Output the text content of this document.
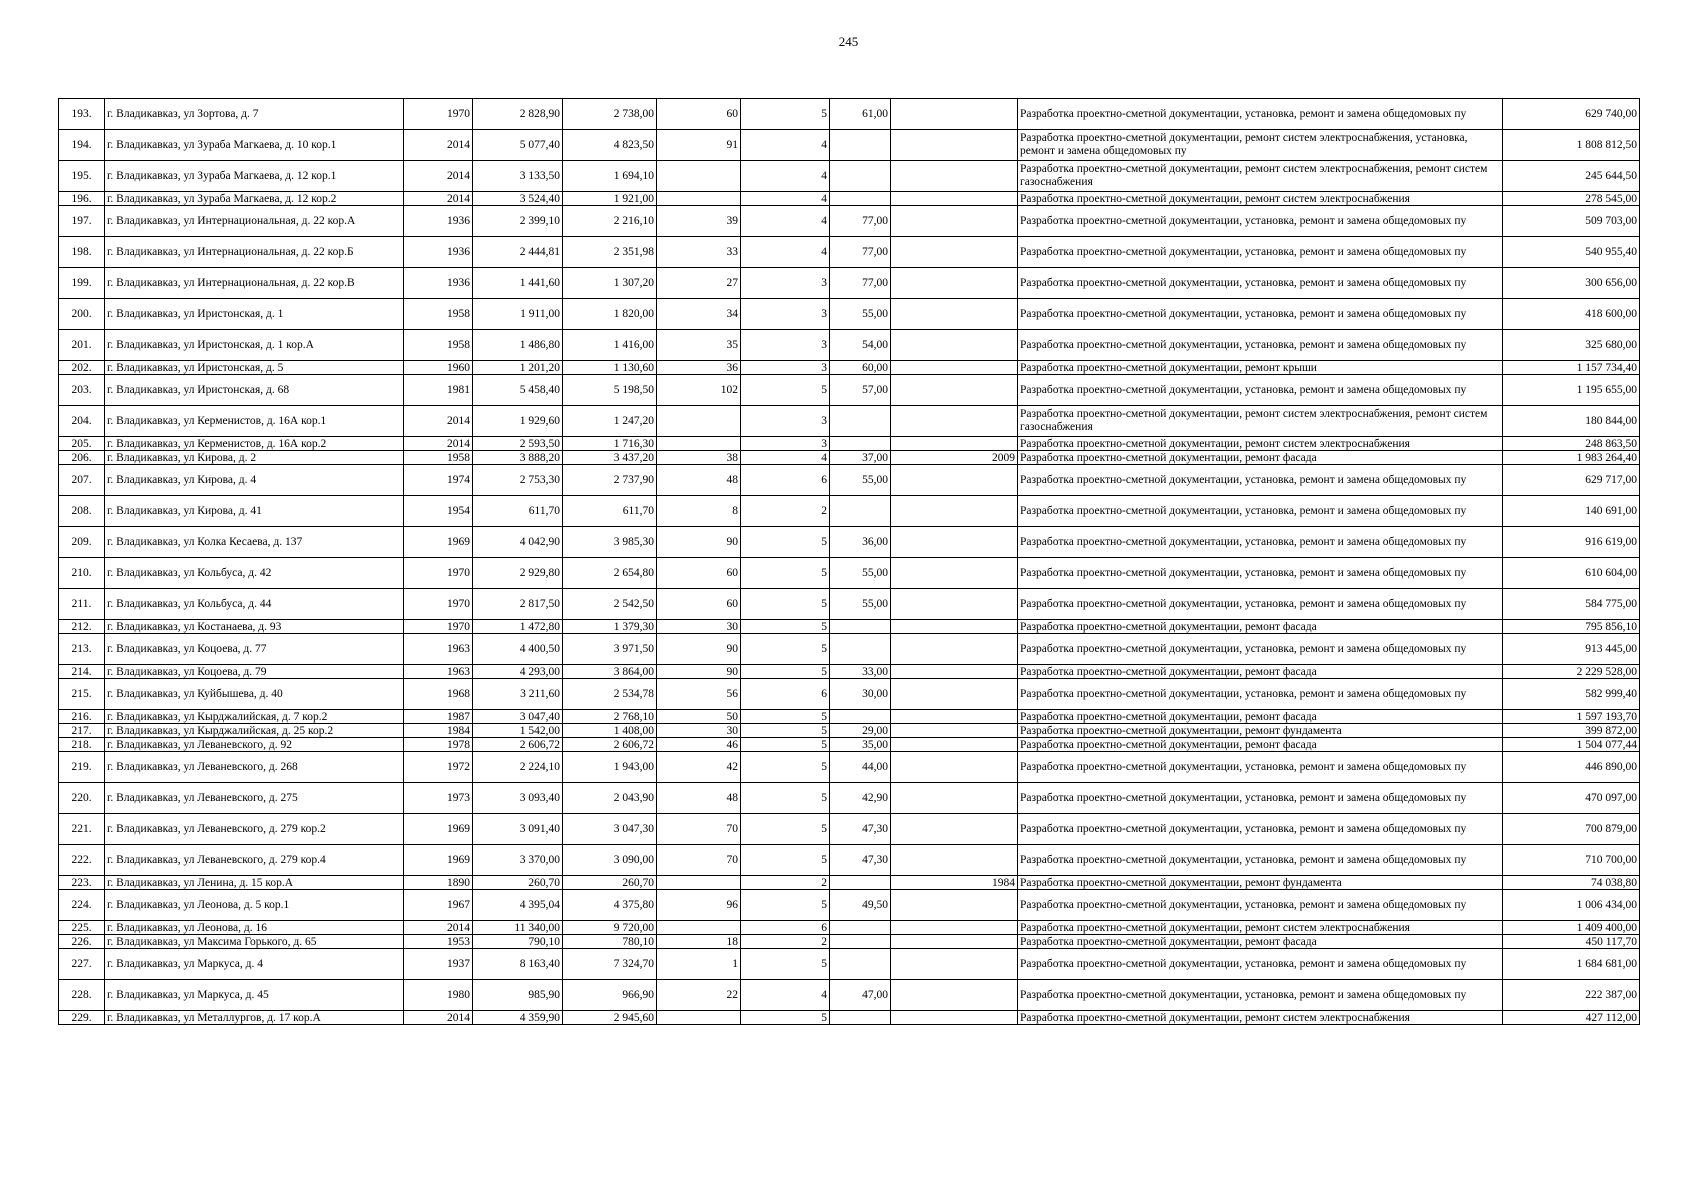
245
193.	г. Владикавказ, ул Зортова, д. 7	1970	2 828,90	2 738,00	60	5	61,00		Разработка проектно-сметной документации, установка, ремонт и замена общедомовых пу	629 740,00
194.	г. Владикавказ, ул Зураба Магкаева, д. 10 кор.1	2014	5 077,40	4 823,50	91	4			Разработка проектно-сметной документации, ремонт систем электроснабжения, установка, ремонт и замена общедомовых пу	1 808 812,50
195.	г. Владикавказ, ул Зураба Магкаева, д. 12 кор.1	2014	3 133,50	1 694,10		4			Разработка проектно-сметной документации, ремонт систем электроснабжения, ремонт систем газоснабжения	245 644,50
196.	г. Владикавказ, ул Зураба Магкаева, д. 12 кор.2	2014	3 524,40	1 921,00		4			Разработка проектно-сметной документации, ремонт систем электроснабжения	278 545,00
197.	г. Владикавказ, ул Интернациональная, д. 22 кор.А	1936	2 399,10	2 216,10	39	4	77,00		Разработка проектно-сметной документации, установка, ремонт и замена общедомовых пу	509 703,00
198.	г. Владикавказ, ул Интернациональная, д. 22 кор.Б	1936	2 444,81	2 351,98	33	4	77,00		Разработка проектно-сметной документации, установка, ремонт и замена общедомовых пу	540 955,40
199.	г. Владикавказ, ул Интернациональная, д. 22 кор.В	1936	1 441,60	1 307,20	27	3	77,00		Разработка проектно-сметной документации, установка, ремонт и замена общедомовых пу	300 656,00
200.	г. Владикавказ, ул Иристонская, д. 1	1958	1 911,00	1 820,00	34	3	55,00		Разработка проектно-сметной документации, установка, ремонт и замена общедомовых пу	418 600,00
201.	г. Владикавказ, ул Иристонская, д. 1 кор.А	1958	1 486,80	1 416,00	35	3	54,00		Разработка проектно-сметной документации, установка, ремонт и замена общедомовых пу	325 680,00
202.	г. Владикавказ, ул Иристонская, д. 5	1960	1 201,20	1 130,60	36	3	60,00		Разработка проектно-сметной документации, ремонт крыши	1 157 734,40
203.	г. Владикавказ, ул Иристонская, д. 68	1981	5 458,40	5 198,50	102	5	57,00		Разработка проектно-сметной документации, установка, ремонт и замена общедомовых пу	1 195 655,00
204.	г. Владикавказ, ул Керменистов, д. 16А кор.1	2014	1 929,60	1 247,20		3			Разработка проектно-сметной документации, ремонт систем электроснабжения, ремонт систем газоснабжения	180 844,00
205.	г. Владикавказ, ул Керменистов, д. 16А кор.2	2014	2 593,50	1 716,30		3			Разработка проектно-сметной документации, ремонт систем электроснабжения	248 863,50
206.	г. Владикавказ, ул Кирова, д. 2	1958	3 888,20	3 437,20	38	4	37,00	2009	Разработка проектно-сметной документации, ремонт фасада	1 983 264,40
207.	г. Владикавказ, ул Кирова, д. 4	1974	2 753,30	2 737,90	48	6	55,00		Разработка проектно-сметной документации, установка, ремонт и замена общедомовых пу	629 717,00
208.	г. Владикавказ, ул Кирова, д. 41	1954	611,70	611,70	8	2			Разработка проектно-сметной документации, установка, ремонт и замена общедомовых пу	140 691,00
209.	г. Владикавказ, ул Колка Кесаева, д. 137	1969	4 042,90	3 985,30	90	5	36,00		Разработка проектно-сметной документации, установка, ремонт и замена общедомовых пу	916 619,00
210.	г. Владикавказ, ул Кольбуса, д. 42	1970	2 929,80	2 654,80	60	5	55,00		Разработка проектно-сметной документации, установка, ремонт и замена общедомовых пу	610 604,00
211.	г. Владикавказ, ул Кольбуса, д. 44	1970	2 817,50	2 542,50	60	5	55,00		Разработка проектно-сметной документации, установка, ремонт и замена общедомовых пу	584 775,00
212.	г. Владикавказ, ул Костанаева, д. 93	1970	1 472,80	1 379,30	30	5			Разработка проектно-сметной документации, ремонт фасада	795 856,10
213.	г. Владикавказ, ул Коцоева, д. 77	1963	4 400,50	3 971,50	90	5			Разработка проектно-сметной документации, установка, ремонт и замена общедомовых пу	913 445,00
214.	г. Владикавказ, ул Коцоева, д. 79	1963	4 293,00	3 864,00	90	5	33,00		Разработка проектно-сметной документации, ремонт фасада	2 229 528,00
215.	г. Владикавказ, ул Куйбышева, д. 40	1968	3 211,60	2 534,78	56	6	30,00		Разработка проектно-сметной документации, установка, ремонт и замена общедомовых пу	582 999,40
216.	г. Владикавказ, ул Кырджалийская, д. 7 кор.2	1987	3 047,40	2 768,10	50	5			Разработка проектно-сметной документации, ремонт фасада	1 597 193,70
217.	г. Владикавказ, ул Кырджалийская, д. 25 кор.2	1984	1 542,00	1 408,00	30	5	29,00		Разработка проектно-сметной документации, ремонт фундамента	399 872,00
218.	г. Владикавказ, ул Леваневского, д. 92	1978	2 606,72	2 606,72	46	5	35,00		Разработка проектно-сметной документации, ремонт фасада	1 504 077,44
219.	г. Владикавказ, ул Леваневского, д. 268	1972	2 224,10	1 943,00	42	5	44,00		Разработка проектно-сметной документации, установка, ремонт и замена общедомовых пу	446 890,00
220.	г. Владикавказ, ул Леваневского, д. 275	1973	3 093,40	2 043,90	48	5	42,90		Разработка проектно-сметной документации, установка, ремонт и замена общедомовых пу	470 097,00
221.	г. Владикавказ, ул Леваневского, д. 279 кор.2	1969	3 091,40	3 047,30	70	5	47,30		Разработка проектно-сметной документации, установка, ремонт и замена общедомовых пу	700 879,00
222.	г. Владикавказ, ул Леваневского, д. 279 кор.4	1969	3 370,00	3 090,00	70	5	47,30		Разработка проектно-сметной документации, установка, ремонт и замена общедомовых пу	710 700,00
223.	г. Владикавказ, ул Ленина, д. 15 кор.А	1890	260,70	260,70		2		1984	Разработка проектно-сметной документации, ремонт фундамента	74 038,80
224.	г. Владикавказ, ул Леонова, д. 5 кор.1	1967	4 395,04	4 375,80	96	5	49,50		Разработка проектно-сметной документации, установка, ремонт и замена общедомовых пу	1 006 434,00
225.	г. Владикавказ, ул Леонова, д. 16	2014	11 340,00	9 720,00		6			Разработка проектно-сметной документации, ремонт систем электроснабжения	1 409 400,00
226.	г. Владикавказ, ул Максима Горького, д. 65	1953	790,10	780,10	18	2			Разработка проектно-сметной документации, ремонт фасада	450 117,70
227.	г. Владикавказ, ул Маркуса, д. 4	1937	8 163,40	7 324,70	1	5			Разработка проектно-сметной документации, установка, ремонт и замена общедомовых пу	1 684 681,00
228.	г. Владикавказ, ул Маркуса, д. 45	1980	985,90	966,90	22	4	47,00		Разработка проектно-сметной документации, установка, ремонт и замена общедомовых пу	222 387,00
229.	г. Владикавказ, ул Металлургов, д. 17 кор.А	2014	4 359,90	2 945,60		5			Разработка проектно-сметной документации, ремонт систем электроснабжения	427 112,00
